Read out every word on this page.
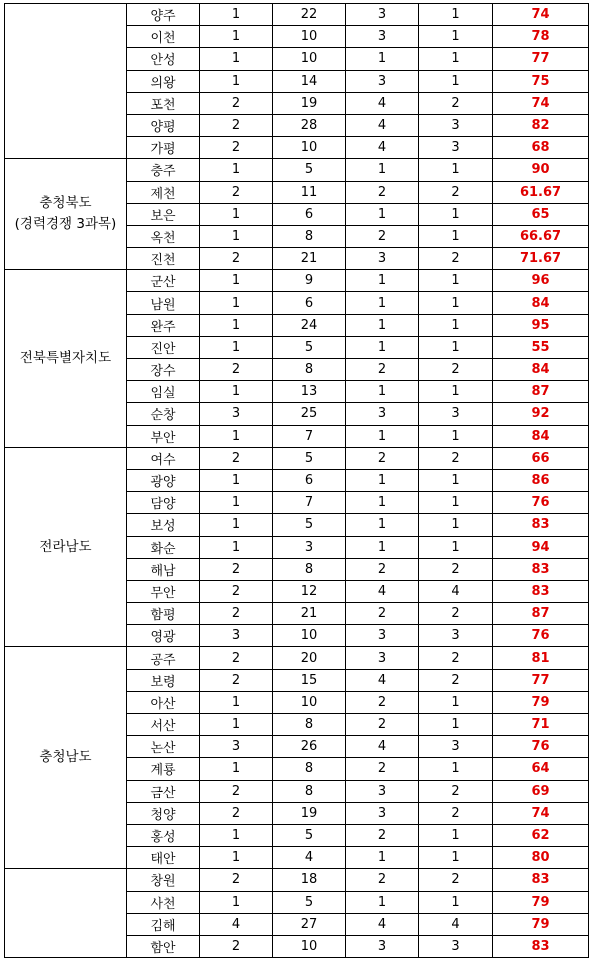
	양주	1	22	3	1	74
	이천	1	10	3	1	78
	안성	1	10	1	1	77
	의왕	1	14	3	1	75
	포천	2	19	4	2	74
	양평	2	28	4	3	82
	가평	2	10	4	3	68
충청북도
(경력경쟁 3과목)	충주	1	5	1	1	90
	제천	2	11	2	2	61.67
	보은	1	6	1	1	65
	옥천	1	8	2	1	66.67
	진천	2	21	3	2	71.67
전북특별자치도	군산	1	9	1	1	96
	남원	1	6	1	1	84
	완주	1	24	1	1	95
	진안	1	5	1	1	55
	장수	2	8	2	2	84
	임실	1	13	1	1	87
	순창	3	25	3	3	92
	부안	1	7	1	1	84
전라남도	여수	2	5	2	2	66
	광양	1	6	1	1	86
	담양	1	7	1	1	76
	보성	1	5	1	1	83
	화순	1	3	1	1	94
	해남	2	8	2	2	83
	무안	2	12	4	4	83
	함평	2	21	2	2	87
	영광	3	10	3	3	76
충청남도	공주	2	20	3	2	81
	보령	2	15	4	2	77
	아산	1	10	2	1	79
	서산	1	8	2	1	71
	논산	3	26	4	3	76
	계룡	1	8	2	1	64
	금산	2	8	3	2	69
	청양	2	19	3	2	74
	홍성	1	5	2	1	62
	태안	1	4	1	1	80
	창원	2	18	2	2	83
	사천	1	5	1	1	79
	김해	4	27	4	4	79
	함안	2	10	3	3	83
